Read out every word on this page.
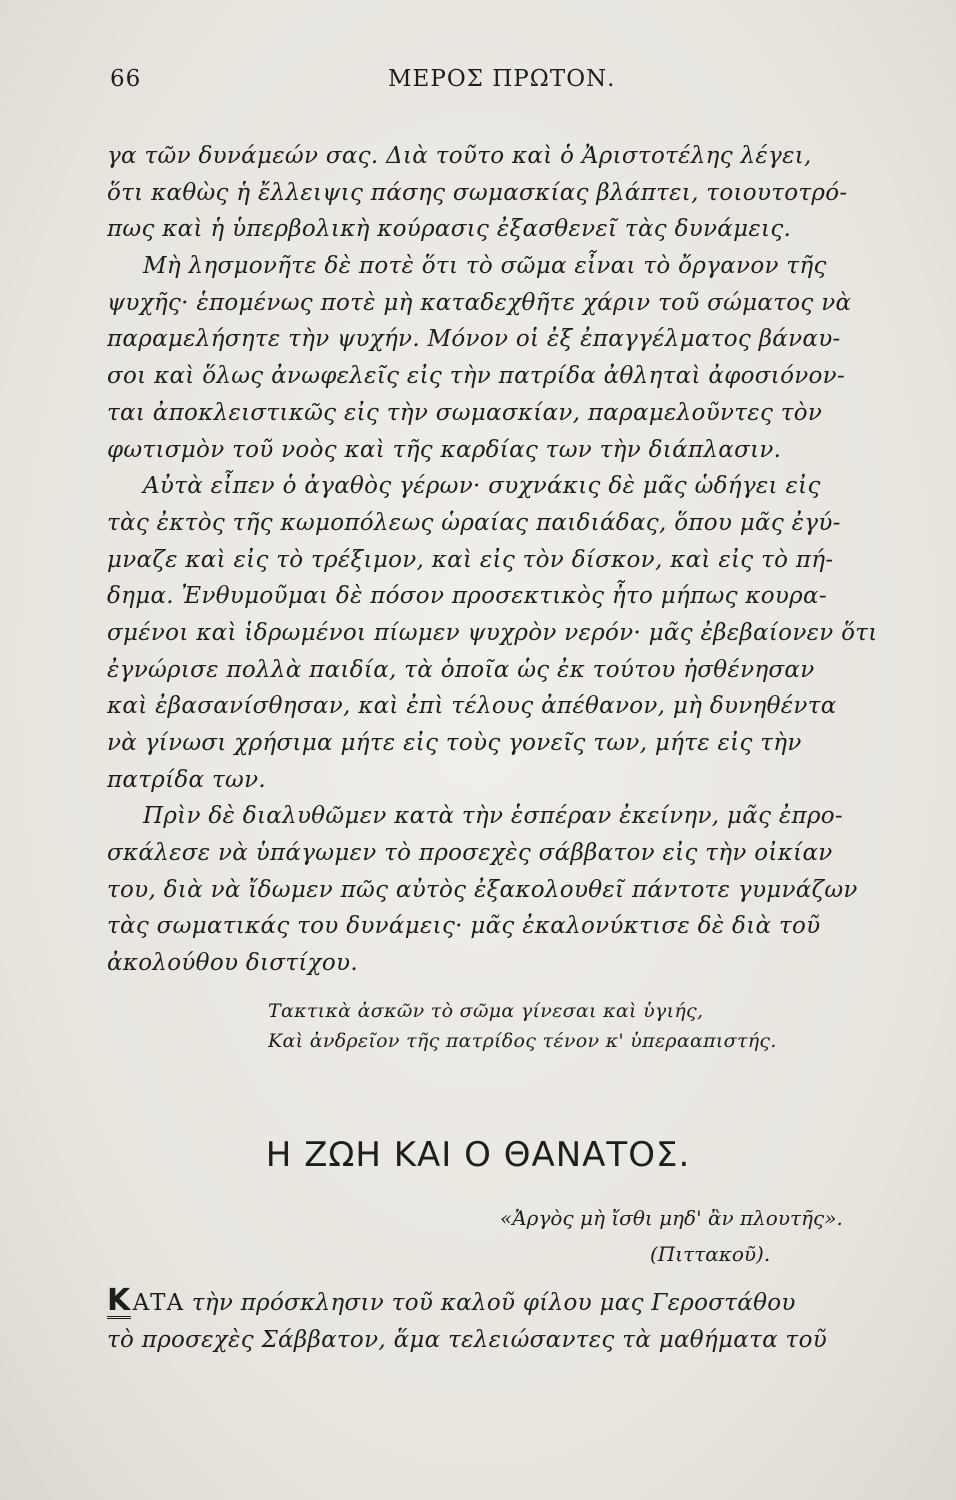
66	ΜΕΡΟΣ ΠΡΩΤΟΝ.
γα τῶν δυνάμεών σας. Διὰ τοῦτο καὶ ὁ Ἀριστοτέλης λέγει,
ὅτι καθὼς ἡ ἔλλειψις πάσης σωμασκίας βλάπτει, τοιουτοτρό-
πως καὶ ἡ ὑπερβολικὴ κούρασις ἐξασθενεῖ τὰς δυνάμεις.
Μὴ λησμονῆτε δὲ ποτὲ ὅτι τὸ σῶμα εἶναι τὸ ὄργανον τῆς
ψυχῆς· ἑπομένως ποτὲ μὴ καταδεχθῆτε χάριν τοῦ σώματος νὰ
παραμελήσητε τὴν ψυχήν. Μόνον οἱ ἐξ ἐπαγγέλματος βάναυ-
σοι καὶ ὅλως ἀνωφελεῖς εἰς τὴν πατρίδα ἀθληταὶ ἀφοσιόνον-
ται ἀποκλειστικῶς εἰς τὴν σωμασκίαν, παραμελοῦντες τὸν
φωτισμὸν τοῦ νοὸς καὶ τῆς καρδίας των τὴν διάπλασιν.
Αὐτὰ εἶπεν ὁ ἀγαθὸς γέρων· συχνάκις δὲ μᾶς ὡδήγει εἰς
τὰς ἐκτὸς τῆς κωμοπόλεως ὡραίας παιδιάδας, ὅπου μᾶς ἐγύ-
μναζε καὶ εἰς τὸ τρέξιμον, καὶ εἰς τὸν δίσκον, καὶ εἰς τὸ πή-
δημα. Ἐνθυμοῦμαι δὲ πόσον προσεκτικὸς ἦτο μήπως κουρα-
σμένοι καὶ ἱδρωμένοι πίωμεν ψυχρὸν νερόν· μᾶς ἐβεβαίονεν ὅτι
ἐγνώρισε πολλὰ παιδία, τὰ ὁποῖα ὡς ἐκ τούτου ἠσθένησαν
καὶ ἐβασανίσθησαν, καὶ ἐπὶ τέλους ἀπέθανον, μὴ δυνηθέντα
νὰ γίνωσι χρήσιμα μήτε εἰς τοὺς γονεῖς των, μήτε εἰς τὴν
πατρίδα των.
Πρὶν δὲ διαλυθῶμεν κατὰ τὴν ἑσπέραν ἐκείνην, μᾶς ἐπρο-
σκάλεσε νὰ ὑπάγωμεν τὸ προσεχὲς σάββατον εἰς τὴν οἰκίαν
του, διὰ νὰ ἴδωμεν πῶς αὐτὸς ἐξακολουθεῖ πάντοτε γυμνάζων
τὰς σωματικάς του δυνάμεις· μᾶς ἐκαλονύκτισε δὲ διὰ τοῦ
ἀκολούθου διστίχου.
Τακτικὰ ἀσκῶν τὸ σῶμα γίνεσαι καὶ ὑγιής,
Καὶ ἀνδρεῖον τῆς πατρίδος τένον κ' ὑπερααπιστής.
Η ΖΩΗ ΚΑΙ Ο ΘΑΝΑΤΟΣ.
«Ἀργὸς μὴ ἴσθι μηδ' ἂν πλουτῆς».
(Πιττακοῦ).
ΚΑΤΑ τὴν πρόσκλησιν τοῦ καλοῦ φίλου μας Γεροστάθου
τὸ προσεχὲς Σάββατον, ἅμα τελειώσαντες τὰ μαθήματα τοῦ
